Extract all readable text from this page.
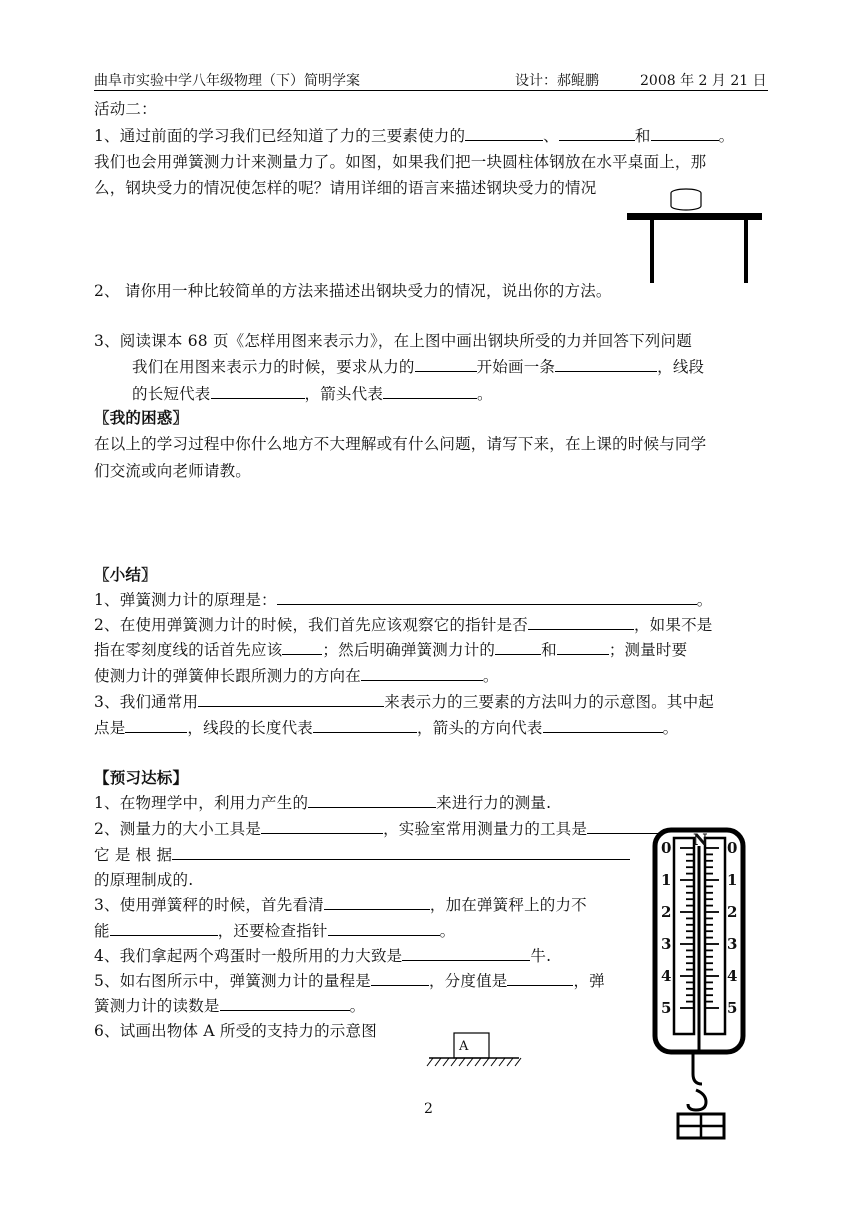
曲阜市实验中学八年级物理（下）简明学案	设计：郝鲲鹏	2008 年 2 月 21 日
活动二：
1、通过前面的学习我们已经知道了力的三要素使力的	、	和	。
我们也会用弹簧测力计来测量力了。如图，如果我们把一块圆柱体钢放在水平桌面上，那
么，钢块受力的情况使怎样的呢？请用详细的语言来描述钢块受力的情况
2、 请你用一种比较简单的方法来描述出钢块受力的情况，说出你的方法。
3、阅读课本 68 页《怎样用图来表示力》，在上图中画出钢块所受的力并回答下列问题
我们在用图来表示力的时候，要求从力的	开始画一条	，线段
的长短代表	，箭头代表	。
〖我的困惑〗
在以上的学习过程中你什么地方不大理解或有什么问题，请写下来，在上课的时候与同学
们交流或向老师请教。
〖小结〗
1、弹簧测力计的原理是：	。
2、在使用弹簧测力计的时候，我们首先应该观察它的指针是否	，如果不是
指在零刻度线的话首先应该	；然后明确弹簧测力计的	和	；测量时要
使测力计的弹簧伸长跟所测力的方向在	。
3、我们通常用	来表示力的三要素的方法叫力的示意图。其中起
点是	，线段的长度代表	，箭头的方向代表	。
【预习达标】
1、在物理学中，利用力产生的	来进行力的测量.
2、测量力的大小工具是	，实验室常用测量力的工具是
它 是 根 据
的原理制成的.
3、使用弹簧秤的时候，首先看清	，加在弹簧秤上的力不
能	，还要检查指针	。
4、我们拿起两个鸡蛋时一般所用的力大致是	牛.
5、如右图所示中，弹簧测力计的量程是	，分度值是	，弹
簧测力计的读数是	。
6、试画出物体 A 所受的支持力的示意图
A
N
0
1
2
3
4
5
0
1
2
3
4
5
2
